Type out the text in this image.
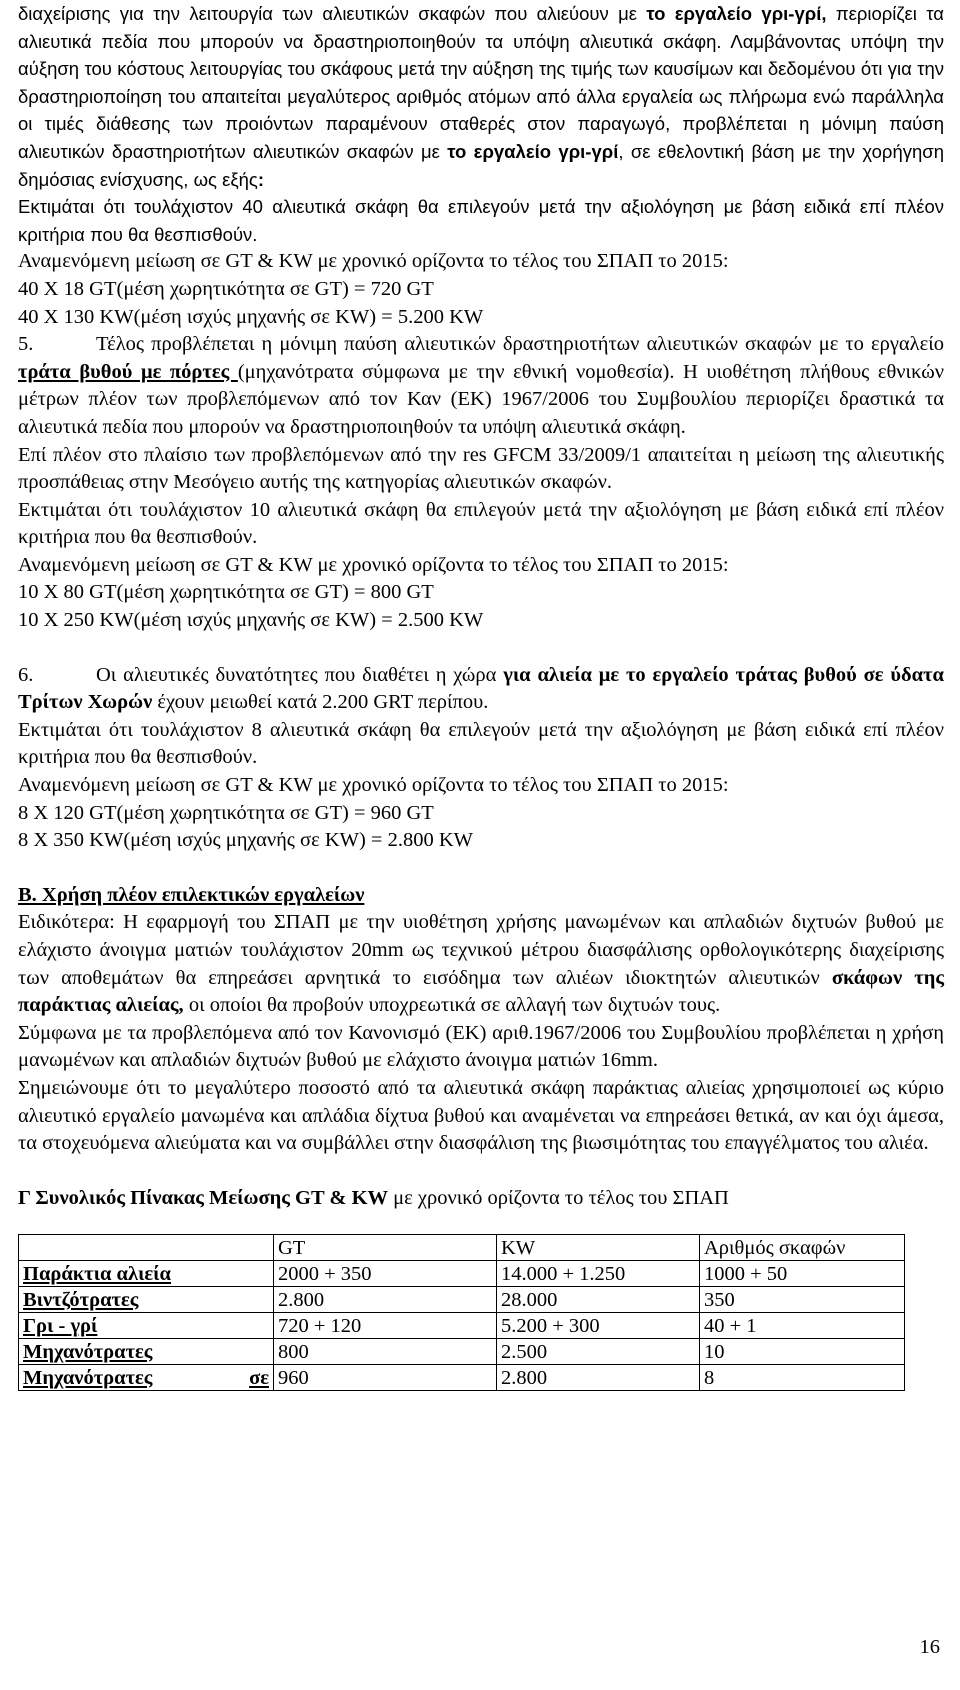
διαχείρισης για την λειτουργία των αλιευτικών σκαφών που αλιεύουν με το εργαλείο γρι-γρί, περιορίζει τα αλιευτικά πεδία που μπορούν να δραστηριοποιηθούν τα υπόψη αλιευτικά σκάφη. Λαμβάνοντας υπόψη την αύξηση του κόστους λειτουργίας του σκάφους μετά την αύξηση της τιμής των καυσίμων και δεδομένου ότι για την δραστηριοποίηση του απαιτείται μεγαλύτερος αριθμός ατόμων από άλλα εργαλεία ως πλήρωμα ενώ παράλληλα οι τιμές διάθεσης των προιόντων παραμένουν σταθερές στον παραγωγό, προβλέπεται η μόνιμη παύση αλιευτικών δραστηριοτήτων αλιευτικών σκαφών με το εργαλείο γρι-γρί, σε εθελοντική βάση με την χορήγηση δημόσιας ενίσχυσης, ως εξής:

Εκτιμάται ότι τουλάχιστον 40 αλιευτικά σκάφη θα επιλεγούν μετά την αξιολόγηση με βάση ειδικά επί πλέον κριτήρια που θα θεσπισθούν.

Αναμενόμενη μείωση σε GT & KW με χρονικό ορίζοντα το τέλος του ΣΠΑΠ το 2015:

40 X 18 GT(μέση χωρητικότητα σε GT) = 720 GT

40 X 130 KW(μέση ισχύς μηχανής σε KW) = 5.200 KW

5.	Τέλος προβλέπεται η μόνιμη παύση αλιευτικών δραστηριοτήτων αλιευτικών σκαφών με το εργαλείο τράτα βυθού με πόρτες (μηχανότρατα σύμφωνα με την εθνική νομοθεσία). Η υιοθέτηση πλήθους εθνικών μέτρων πλέον των προβλεπόμενων από τον Καν (ΕΚ) 1967/2006 του Συμβουλίου περιορίζει δραστικά τα αλιευτικά πεδία που μπορούν να δραστηριοποιηθούν τα υπόψη αλιευτικά σκάφη.

Επί πλέον στο πλαίσιο των προβλεπόμενων από την res GFCM 33/2009/1 απαιτείται η μείωση της αλιευτικής προσπάθειας στην Μεσόγειο αυτής της κατηγορίας αλιευτικών σκαφών.

Εκτιμάται ότι τουλάχιστον 10 αλιευτικά σκάφη θα επιλεγούν μετά την αξιολόγηση με βάση ειδικά επί πλέον κριτήρια που θα θεσπισθούν.

Αναμενόμενη μείωση σε GT & KW με χρονικό ορίζοντα το τέλος του ΣΠΑΠ το 2015:

10 X 80 GT(μέση χωρητικότητα σε GT) = 800 GT

10 X 250 KW(μέση ισχύς μηχανής σε KW) = 2.500 KW

6.	Οι αλιευτικές δυνατότητες που διαθέτει η χώρα για αλιεία με το εργαλείο τράτας βυθού σε ύδατα Τρίτων Χωρών έχουν μειωθεί κατά 2.200 GRT περίπου.

Εκτιμάται ότι τουλάχιστον 8 αλιευτικά σκάφη θα επιλεγούν μετά την αξιολόγηση με βάση ειδικά επί πλέον κριτήρια που θα θεσπισθούν.

Αναμενόμενη μείωση σε GT & KW με χρονικό ορίζοντα το τέλος του ΣΠΑΠ το 2015:

8 X 120 GT(μέση χωρητικότητα σε GT) = 960 GT

8 X 350 KW(μέση ισχύς μηχανής σε KW) = 2.800 KW

Β. Χρήση πλέον επιλεκτικών εργαλείων

Ειδικότερα: Η εφαρμογή του ΣΠΑΠ με την υιοθέτηση χρήσης μανωμένων και απλαδιών διχτυών βυθού με ελάχιστο άνοιγμα ματιών τουλάχιστον 20mm ως τεχνικού μέτρου διασφάλισης ορθολογικότερης διαχείρισης των αποθεμάτων θα επηρεάσει αρνητικά το εισόδημα των αλιέων ιδιοκτητών αλιευτικών σκάφων της παράκτιας αλιείας, οι οποίοι θα προβούν υποχρεωτικά σε αλλαγή των διχτυών τους.

Σύμφωνα με τα προβλεπόμενα από τον Κανονισμό (ΕΚ) αριθ.1967/2006 του Συμβουλίου προβλέπεται η χρήση μανωμένων και απλαδιών διχτυών βυθού με ελάχιστο άνοιγμα ματιών 16mm.

Σημειώνουμε ότι το μεγαλύτερο ποσοστό από τα αλιευτικά σκάφη παράκτιας αλιείας χρησιμοποιεί ως κύριο αλιευτικό εργαλείο μανωμένα και απλάδια δίχτυα βυθού και αναμένεται να επηρεάσει θετικά, αν και όχι άμεσα, τα στοχευόμενα αλιεύματα και να συμβάλλει στην διασφάλιση της βιωσιμότητας του επαγγέλματος του αλιέα.

Γ Συνολικός Πίνακας Μείωσης GT & KW με χρονικό ορίζοντα το τέλος του ΣΠΑΠ

	GT	KW	Αριθμός σκαφών
Παράκτια αλιεία	2000 + 350	14.000 + 1.250	1000 + 50
Βιντζότρατες	2.800	28.000	350
Γρι - γρί	720 + 120	5.200 + 300	40 + 1
Μηχανότρατες	800	2.500	10

Μηχανότρατες σε	960	2.800	8
16
